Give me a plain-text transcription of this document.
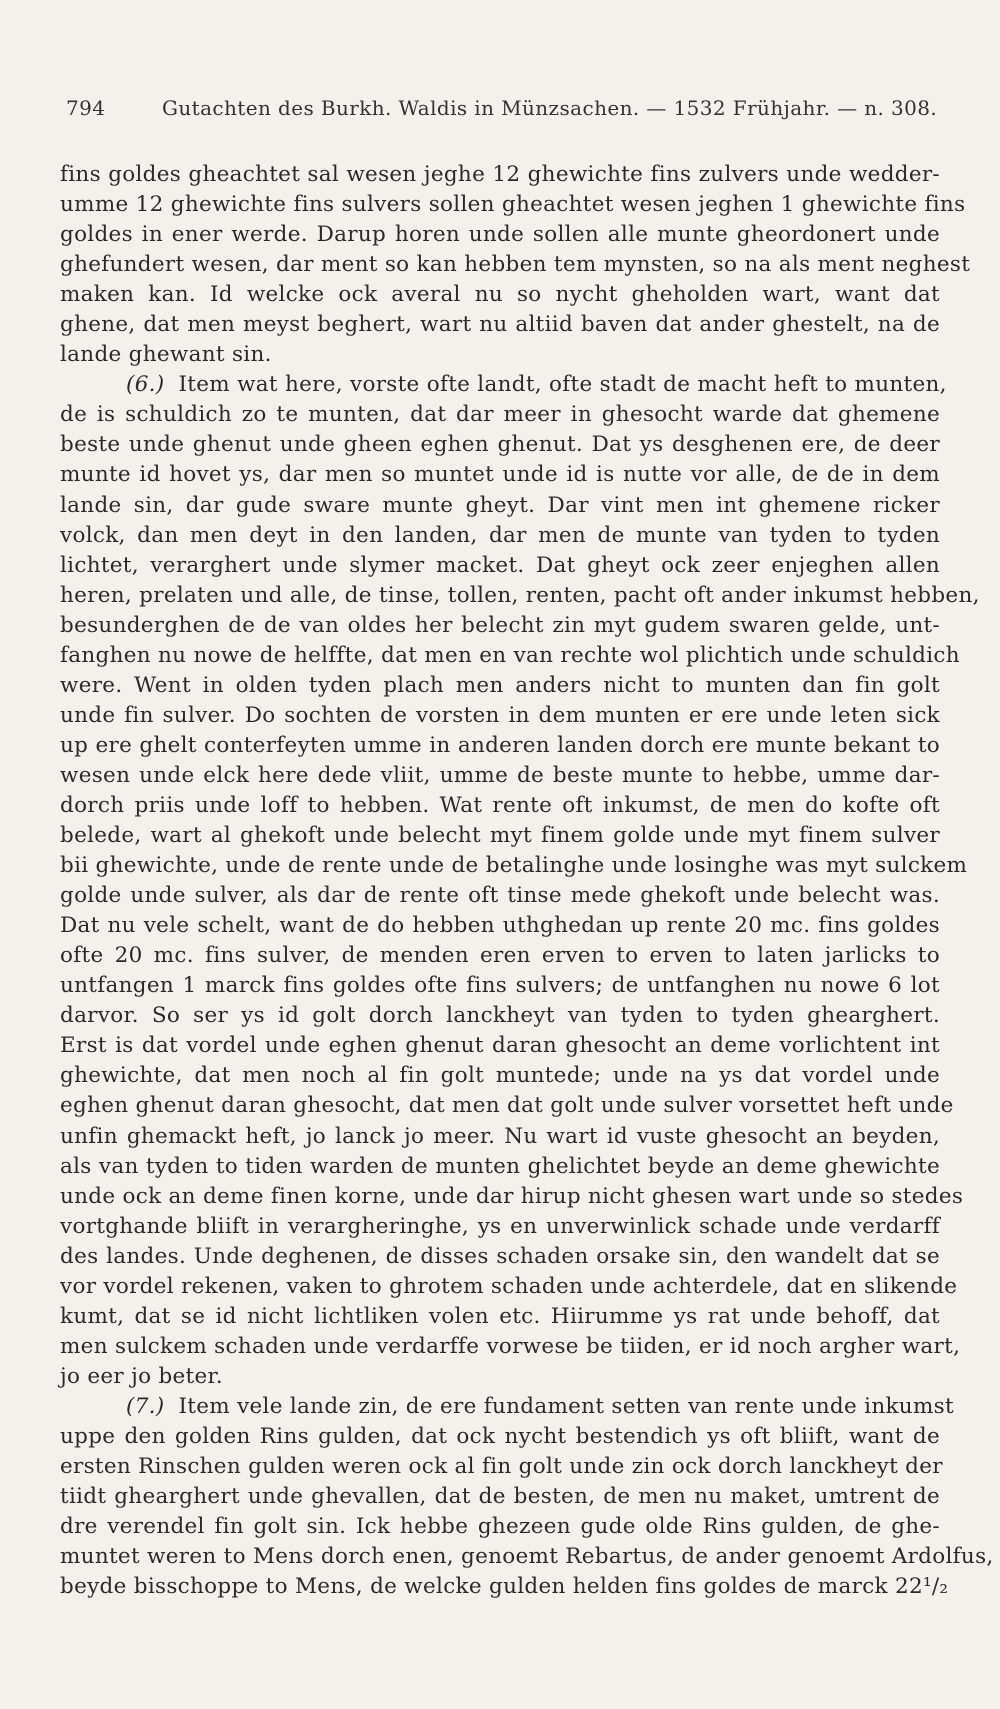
794	Gutachten des Burkh. Waldis in Münzsachen. — 1532 Frühjahr. — n. 308.
fins goldes gheachtet sal wesen jeghe 12 ghewichte fins zulvers unde wedder-
umme 12 ghewichte fins sulvers sollen gheachtet wesen jeghen 1 ghewichte fins
goldes in ener werde. Darup horen unde sollen alle munte gheordonert unde
ghefundert wesen, dar ment so kan hebben tem mynsten, so na als ment neghest
maken kan. Id welcke ock averal nu so nycht gheholden wart, want dat
ghene, dat men meyst beghert, wart nu altiid baven dat ander ghestelt, na de
lande ghewant sin.
(6.) Item wat here, vorste ofte landt, ofte stadt de macht heft to munten,
de is schuldich zo te munten, dat dar meer in ghesocht warde dat ghemene
beste unde ghenut unde gheen eghen ghenut. Dat ys desghenen ere, de deer
munte id hovet ys, dar men so muntet unde id is nutte vor alle, de de in dem
lande sin, dar gude sware munte gheyt. Dar vint men int ghemene ricker
volck, dan men deyt in den landen, dar men de munte van tyden to tyden
lichtet, verarghert unde slymer macket. Dat gheyt ock zeer enjeghen allen
heren, prelaten und alle, de tinse, tollen, renten, pacht oft ander inkumst hebben,
besunderghen de de van oldes her belecht zin myt gudem swaren gelde, unt-
fanghen nu nowe de helffte, dat men en van rechte wol plichtich unde schuldich
were. Went in olden tyden plach men anders nicht to munten dan fin golt
unde fin sulver. Do sochten de vorsten in dem munten er ere unde leten sick
up ere ghelt conterfeyten umme in anderen landen dorch ere munte bekant to
wesen unde elck here dede vliit, umme de beste munte to hebbe, umme dar-
dorch priis unde loff to hebben. Wat rente oft inkumst, de men do kofte oft
belede, wart al ghekoft unde belecht myt finem golde unde myt finem sulver
bii ghewichte, unde de rente unde de betalinghe unde losinghe was myt sulckem
golde unde sulver, als dar de rente oft tinse mede ghekoft unde belecht was.
Dat nu vele schelt, want de do hebben uthghedan up rente 20 mc. fins goldes
ofte 20 mc. fins sulver, de menden eren erven to erven to laten jarlicks to
untfangen 1 marck fins goldes ofte fins sulvers; de untfanghen nu nowe 6 lot
darvor. So ser ys id golt dorch lanckheyt van tyden to tyden ghearghert.
Erst is dat vordel unde eghen ghenut daran ghesocht an deme vorlichtent int
ghewichte, dat men noch al fin golt muntede; unde na ys dat vordel unde
eghen ghenut daran ghesocht, dat men dat golt unde sulver vorsettet heft unde
unfin ghemackt heft, jo lanck jo meer. Nu wart id vuste ghesocht an beyden,
als van tyden to tiden warden de munten ghelichtet beyde an deme ghewichte
unde ock an deme finen korne, unde dar hirup nicht ghesen wart unde so stedes
vortghande bliift in verargheringhe, ys en unverwinlick schade unde verdarff
des landes. Unde deghenen, de disses schaden orsake sin, den wandelt dat se
vor vordel rekenen, vaken to ghrotem schaden unde achterdele, dat en slikende
kumt, dat se id nicht lichtliken volen etc. Hiirumme ys rat unde behoff, dat
men sulckem schaden unde verdarffe vorwese be tiiden, er id noch argher wart,
jo eer jo beter.
(7.) Item vele lande zin, de ere fundament setten van rente unde inkumst
uppe den golden Rins gulden, dat ock nycht bestendich ys oft bliift, want de
ersten Rinschen gulden weren ock al fin golt unde zin ock dorch lanckheyt der
tiidt ghearghert unde ghevallen, dat de besten, de men nu maket, umtrent de
dre verendel fin golt sin. Ick hebbe ghezeen gude olde Rins gulden, de ghe-
muntet weren to Mens dorch enen, genoemt Rebartus, de ander genoemt Ardolfus,
beyde bisschoppe to Mens, de welcke gulden helden fins goldes de marck 22¹/₂
